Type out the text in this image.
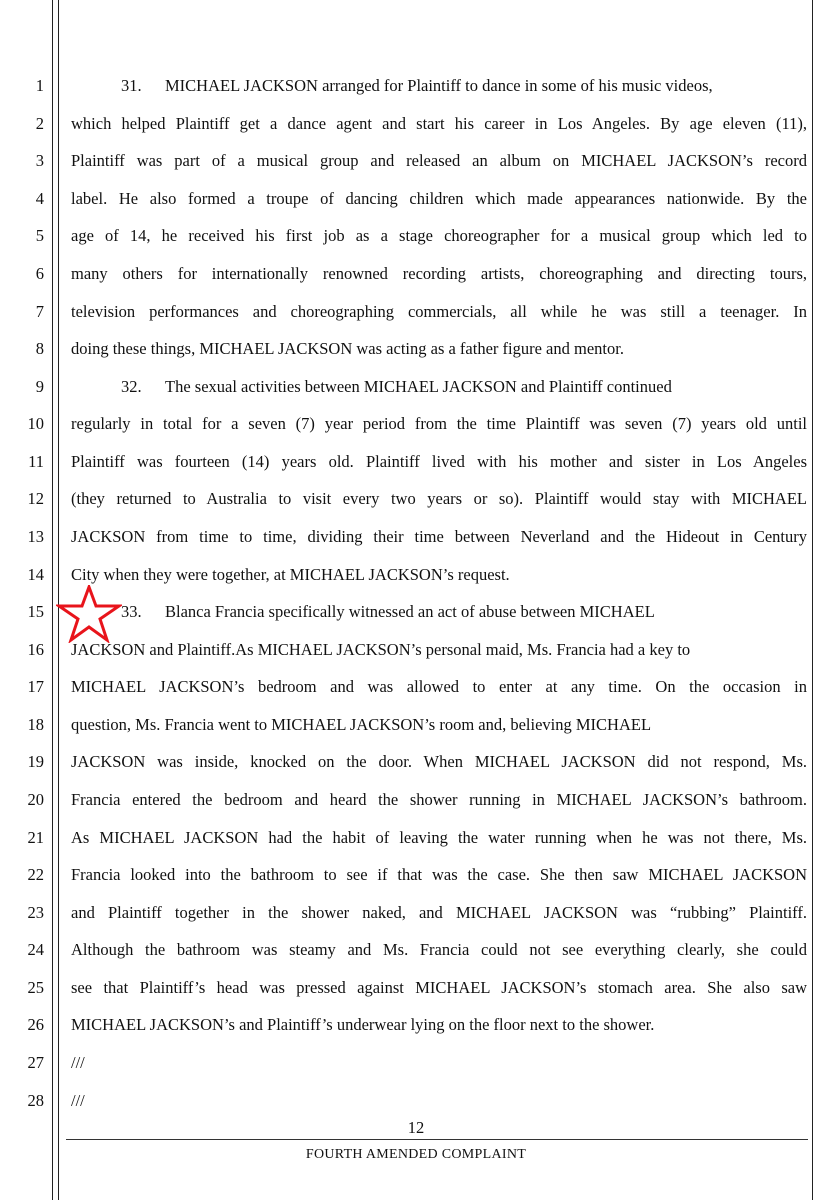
1
2
3
4
5
6
7
8
9
10
11
12
13
14
15
16
17
18
19
20
21
22
23
24
25
26
27
28
31. MICHAEL JACKSON arranged for Plaintiff to dance in some of his music videos,
which helped Plaintiff get a dance agent and start his career in Los Angeles. By age eleven (11),
Plaintiff was part of a musical group and released an album on MICHAEL JACKSON’s record
label. He also formed a troupe of dancing children which made appearances nationwide. By the
age of 14, he received his first job as a stage choreographer for a musical group which led to
many others for internationally renowned recording artists, choreographing and directing tours,
television performances and choreographing commercials, all while he was still a teenager. In
doing these things, MICHAEL JACKSON was acting as a father figure and mentor.
32. The sexual activities between MICHAEL JACKSON and Plaintiff continued
regularly in total for a seven (7) year period from the time Plaintiff was seven (7) years old until
Plaintiff was fourteen (14) years old. Plaintiff lived with his mother and sister in Los Angeles
(they returned to Australia to visit every two years or so). Plaintiff would stay with MICHAEL
JACKSON from time to time, dividing their time between Neverland and the Hideout in Century
City when they were together, at MICHAEL JACKSON’s request.
33. Blanca Francia specifically witnessed an act of abuse between MICHAEL
JACKSON and Plaintiff.As MICHAEL JACKSON’s personal maid, Ms. Francia had a key to
MICHAEL JACKSON’s bedroom and was allowed to enter at any time. On the occasion in
question, Ms. Francia went to MICHAEL JACKSON’s room and, believing MICHAEL
JACKSON was inside, knocked on the door. When MICHAEL JACKSON did not respond, Ms.
Francia entered the bedroom and heard the shower running in MICHAEL JACKSON’s bathroom.
As MICHAEL JACKSON had the habit of leaving the water running when he was not there, Ms.
Francia looked into the bathroom to see if that was the case. She then saw MICHAEL JACKSON
and Plaintiff together in the shower naked, and MICHAEL JACKSON was “rubbing” Plaintiff.
Although the bathroom was steamy and Ms. Francia could not see everything clearly, she could
see that Plaintiff’s head was pressed against MICHAEL JACKSON’s stomach area. She also saw
MICHAEL JACKSON’s and Plaintiff’s underwear lying on the floor next to the shower.
///
///
12
FOURTH AMENDED COMPLAINT
